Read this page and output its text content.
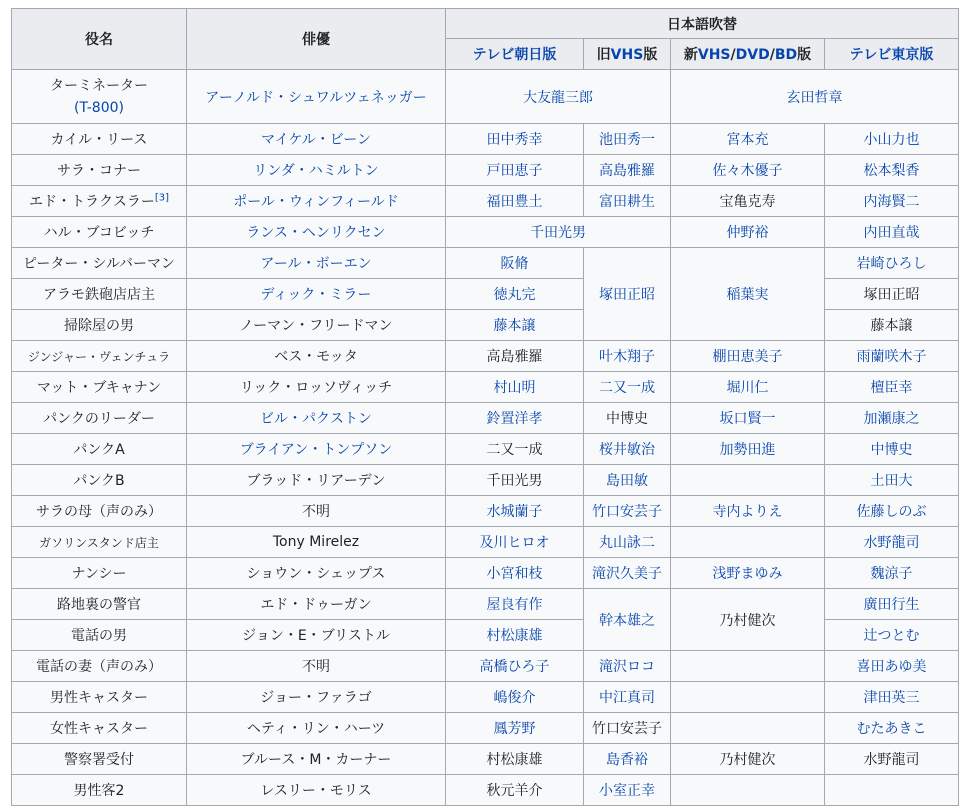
役名	俳優	日本語吹替			
		テレビ朝日版	旧VHS版	新VHS/DVD/BD版	テレビ東京版
ターミネーター
(T-800)	アーノルド・シュワルツェネッガー	大友龍三郎		玄田哲章	
カイル・リース	マイケル・ビーン	田中秀幸	池田秀一	宮本充	小山力也
サラ・コナー	リンダ・ハミルトン	戸田恵子	高島雅羅	佐々木優子	松本梨香
エド・トラクスラー[3]	ポール・ウィンフィールド	福田豊土	富田耕生	宝亀克寿	内海賢二
ハル・ブコビッチ	ランス・ヘンリクセン	千田光男		仲野裕	内田直哉
ピーター・シルバーマン	アール・ボーエン	阪脩	塚田正昭	稲葉実	岩崎ひろし
アラモ鉄砲店店主	ディック・ミラー	徳丸完			塚田正昭
掃除屋の男	ノーマン・フリードマン	藤本譲			藤本譲
ジンジャー・ヴェンチュラ	ベス・モッタ	高島雅羅	叶木翔子	棚田恵美子	雨蘭咲木子
マット・ブキャナン	リック・ロッソヴィッチ	村山明	二又一成	堀川仁	檀臣幸
パンクのリーダー	ビル・パクストン	鈴置洋孝	中博史	坂口賢一	加瀬康之
パンクA	ブライアン・トンプソン	二又一成	桜井敏治	加勢田進	中博史
パンクB	ブラッド・リアーデン	千田光男	島田敏		土田大
サラの母（声のみ）	不明	水城蘭子	竹口安芸子	寺内よりえ	佐藤しのぶ
ガソリンスタンド店主	Tony Mirelez	及川ヒロオ	丸山詠二		水野龍司
ナンシー	ショウン・シェップス	小宮和枝	滝沢久美子	浅野まゆみ	魏涼子
路地裏の警官	エド・ドゥーガン	屋良有作	幹本雄之	乃村健次	廣田行生
電話の男	ジョン・E・ブリストル	村松康雄			辻つとむ
電話の妻（声のみ）	不明	高橋ひろ子	滝沢ロコ		喜田あゆ美
男性キャスター	ジョー・ファラゴ	嶋俊介	中江真司		津田英三
女性キャスター	ヘティ・リン・ハーツ	鳳芳野	竹口安芸子		むたあきこ
警察署受付	ブルース・M・カーナー	村松康雄	島香裕	乃村健次	水野龍司
男性客2	レスリー・モリス	秋元羊介	小室正幸		
